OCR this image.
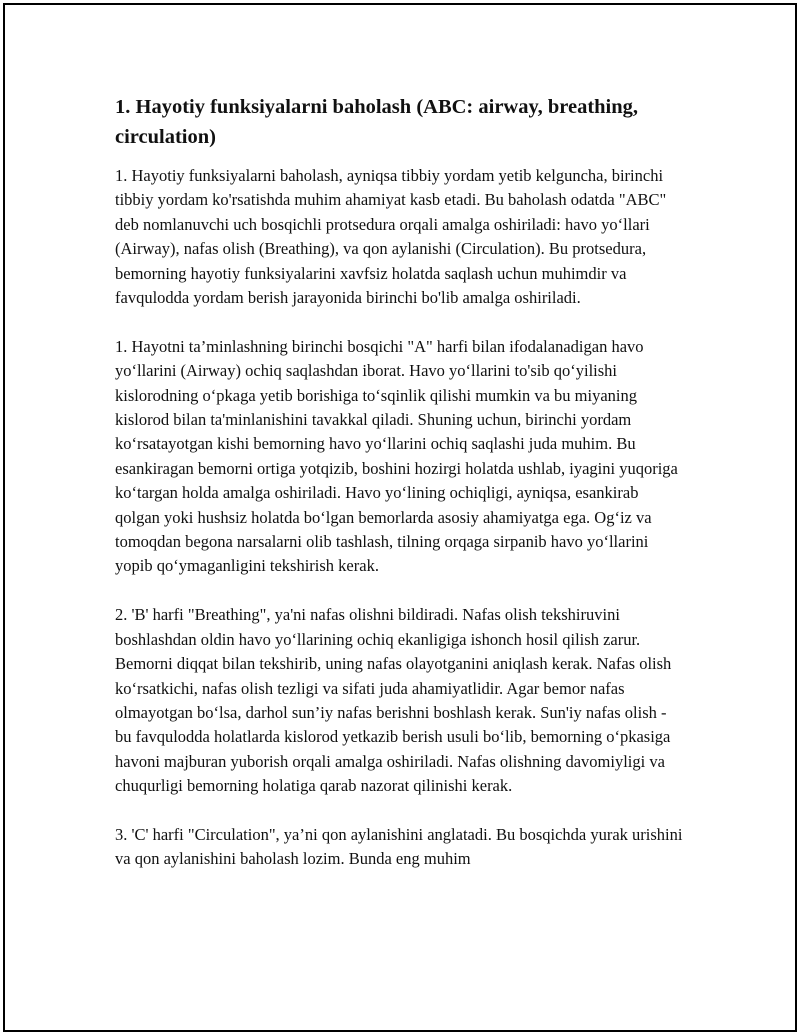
1. Hayotiy funksiyalarni baholash (ABC: airway, breathing, circulation)

1. Hayotiy funksiyalarni baholash, ayniqsa tibbiy yordam yetib kelguncha, birinchi tibbiy yordam ko'rsatishda muhim ahamiyat kasb etadi. Bu baholash odatda "ABC" deb nomlanuvchi uch bosqichli protsedura orqali amalga oshiriladi: havo yo‘llari (Airway), nafas olish (Breathing), va qon aylanishi (Circulation). Bu protsedura, bemorning hayotiy funksiyalarini xavfsiz holatda saqlash uchun muhimdir va favqulodda yordam berish jarayonida birinchi bo'lib amalga oshiriladi.

1. Hayotni ta’minlashning birinchi bosqichi "A" harfi bilan ifodalanadigan havo yo‘llarini (Airway) ochiq saqlashdan iborat. Havo yo‘llarini to'sib qo‘yilishi kislorodning o‘pkaga yetib borishiga to‘sqinlik qilishi mumkin va bu miyaning kislorod bilan ta'minlanishini tavakkal qiladi. Shuning uchun, birinchi yordam ko‘rsatayotgan kishi bemorning havo yo‘llarini ochiq saqlashi juda muhim. Bu esankiragan bemorni ortiga yotqizib, boshini hozirgi holatda ushlab, iyagini yuqoriga ko‘targan holda amalga oshiriladi. Havo yo‘lining ochiqligi, ayniqsa, esankirab qolgan yoki hushsiz holatda bo‘lgan bemorlarda asosiy ahamiyatga ega. Og‘iz va tomoqdan begona narsalarni olib tashlash, tilning orqaga sirpanib havo yo‘llarini yopib qo‘ymaganligini tekshirish kerak.

2. 'B' harfi "Breathing", ya'ni nafas olishni bildiradi. Nafas olish tekshiruvini boshlashdan oldin havo yo‘llarining ochiq ekanligiga ishonch hosil qilish zarur. Bemorni diqqat bilan tekshirib, uning nafas olayotganini aniqlash kerak. Nafas olish ko‘rsatkichi, nafas olish tezligi va sifati juda ahamiyatlidir. Agar bemor nafas olmayotgan bo‘lsa, darhol sun’iy nafas berishni boshlash kerak. Sun'iy nafas olish - bu favqulodda holatlarda kislorod yetkazib berish usuli bo‘lib, bemorning o‘pkasiga havoni majburan yuborish orqali amalga oshiriladi. Nafas olishning davomiyligi va chuqurligi bemorning holatiga qarab nazorat qilinishi kerak.

3. 'C' harfi "Circulation", ya’ni qon aylanishini anglatadi. Bu bosqichda yurak urishini va qon aylanishini baholash lozim. Bunda eng muhim
